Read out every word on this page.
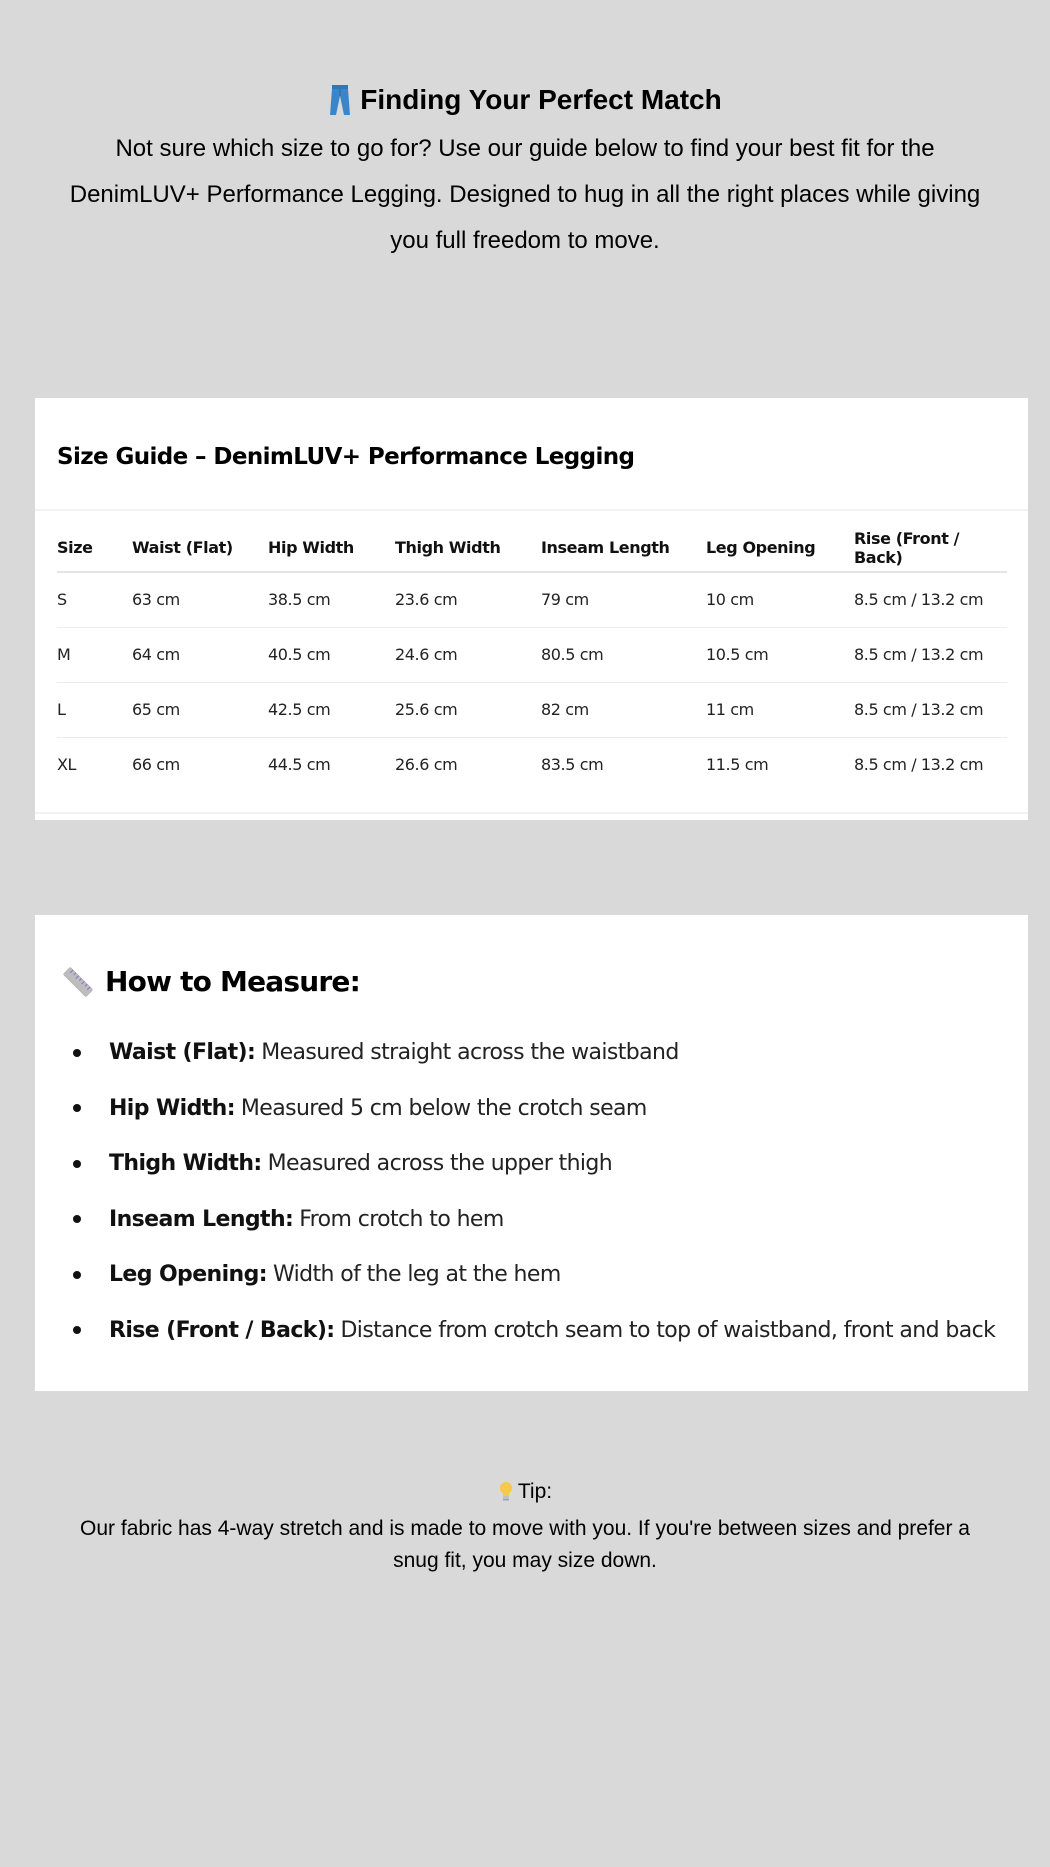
Finding Your Perfect Match

Not sure which size to go for? Use our guide below to find your best fit for the DenimLUV+ Performance Legging. Designed to hug in all the right places while giving you full freedom to move.

Size Guide – DenimLUV+ Performance Legging
Size	Waist (Flat)	Hip Width	Thigh Width	Inseam Length	Leg Opening	Rise (Front / Back)
S	63 cm	38.5 cm	23.6 cm	79 cm	10 cm	8.5 cm / 13.2 cm
M	64 cm	40.5 cm	24.6 cm	80.5 cm	10.5 cm	8.5 cm / 13.2 cm
L	65 cm	42.5 cm	25.6 cm	82 cm	11 cm	8.5 cm / 13.2 cm
XL	66 cm	44.5 cm	26.6 cm	83.5 cm	11.5 cm	8.5 cm / 13.2 cm
How to Measure:
Waist (Flat): Measured straight across the waistband
Hip Width: Measured 5 cm below the crotch seam
Thigh Width: Measured across the upper thigh
Inseam Length: From crotch to hem
Leg Opening: Width of the leg at the hem
Rise (Front / Back): Distance from crotch seam to top of waistband, front and back
Tip:

Our fabric has 4-way stretch and is made to move with you. If you're between sizes and prefer a snug fit, you may size down.
